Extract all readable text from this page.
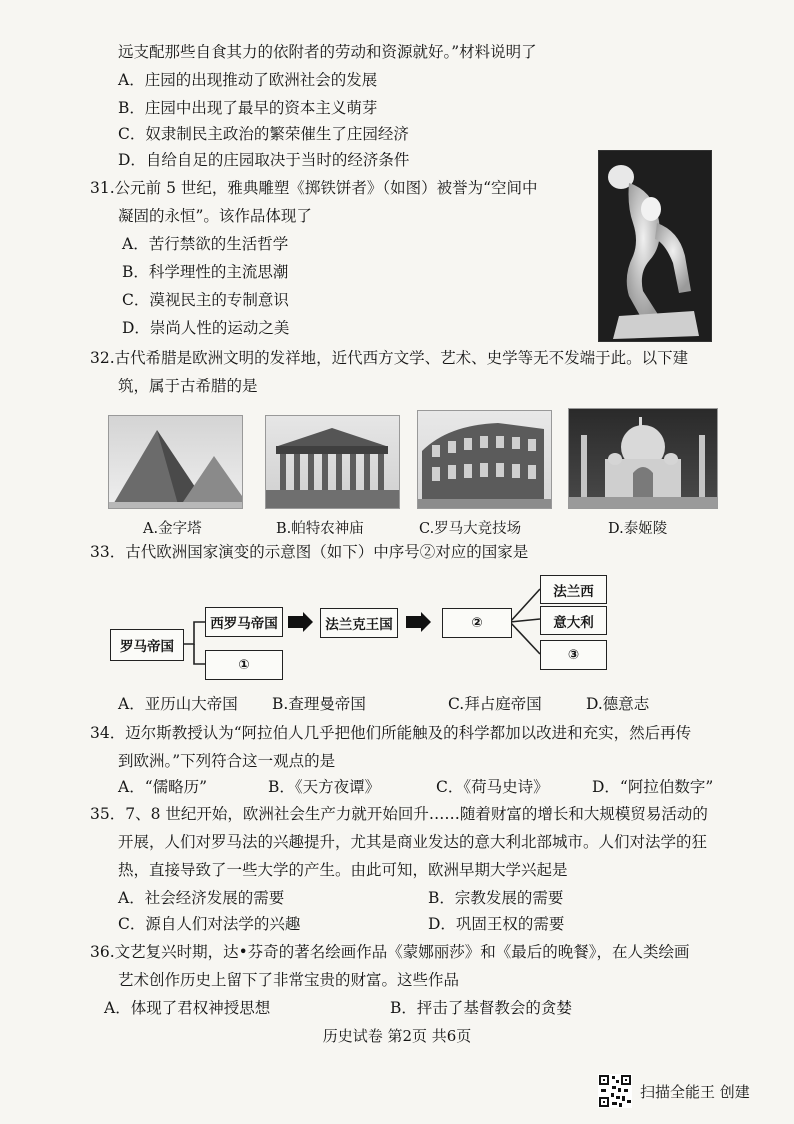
远支配那些自食其力的依附者的劳动和资源就好。”材料说明了
A．庄园的出现推动了欧洲社会的发展
B．庄园中出现了最早的资本主义萌芽
C．奴隶制民主政治的繁荣催生了庄园经济
D．自给自足的庄园取决于当时的经济条件
31.公元前 5 世纪，雅典雕塑《掷铁饼者》（如图）被誉为“空间中
凝固的永恒”。该作品体现了
A．苦行禁欲的生活哲学
B．科学理性的主流思潮
C．漠视民主的专制意识
D．崇尚人性的运动之美
32.古代希腊是欧洲文明的发祥地，近代西方文学、艺术、史学等无不发端于此。以下建
筑，属于古希腊的是
A.金字塔	B.帕特农神庙	C.罗马大竞技场	D.泰姬陵
33．古代欧洲国家演变的示意图（如下）中序号②对应的国家是
罗马帝国
西罗马帝国
①
法兰克王国	②
法兰西
意大利
③
A．亚历山大帝国 B.查理曼帝国	C.拜占庭帝国	D.德意志
34．迈尔斯教授认为“阿拉伯人几乎把他们所能触及的科学都加以改进和充实，然后再传
到欧洲。”下列符合这一观点的是
A．“儒略历”	B．《天方夜谭》	C．《荷马史诗》	D．“阿拉伯数字”
35．7、8 世纪开始，欧洲社会生产力就开始回升……随着财富的增长和大规模贸易活动的
开展，人们对罗马法的兴趣提升，尤其是商业发达的意大利北部城市。人们对法学的狂
热，直接导致了一些大学的产生。由此可知，欧洲早期大学兴起是
A．社会经济发展的需要	B．宗教发展的需要
C．源自人们对法学的兴趣	D．巩固王权的需要
36.文艺复兴时期，达•芬奇的著名绘画作品《蒙娜丽莎》和《最后的晚餐》，在人类绘画
艺术创作历史上留下了非常宝贵的财富。这些作品
A．体现了君权神授思想	B．抨击了基督教会的贪婪
历史试卷 第2页 共6页
扫描全能王 创建
